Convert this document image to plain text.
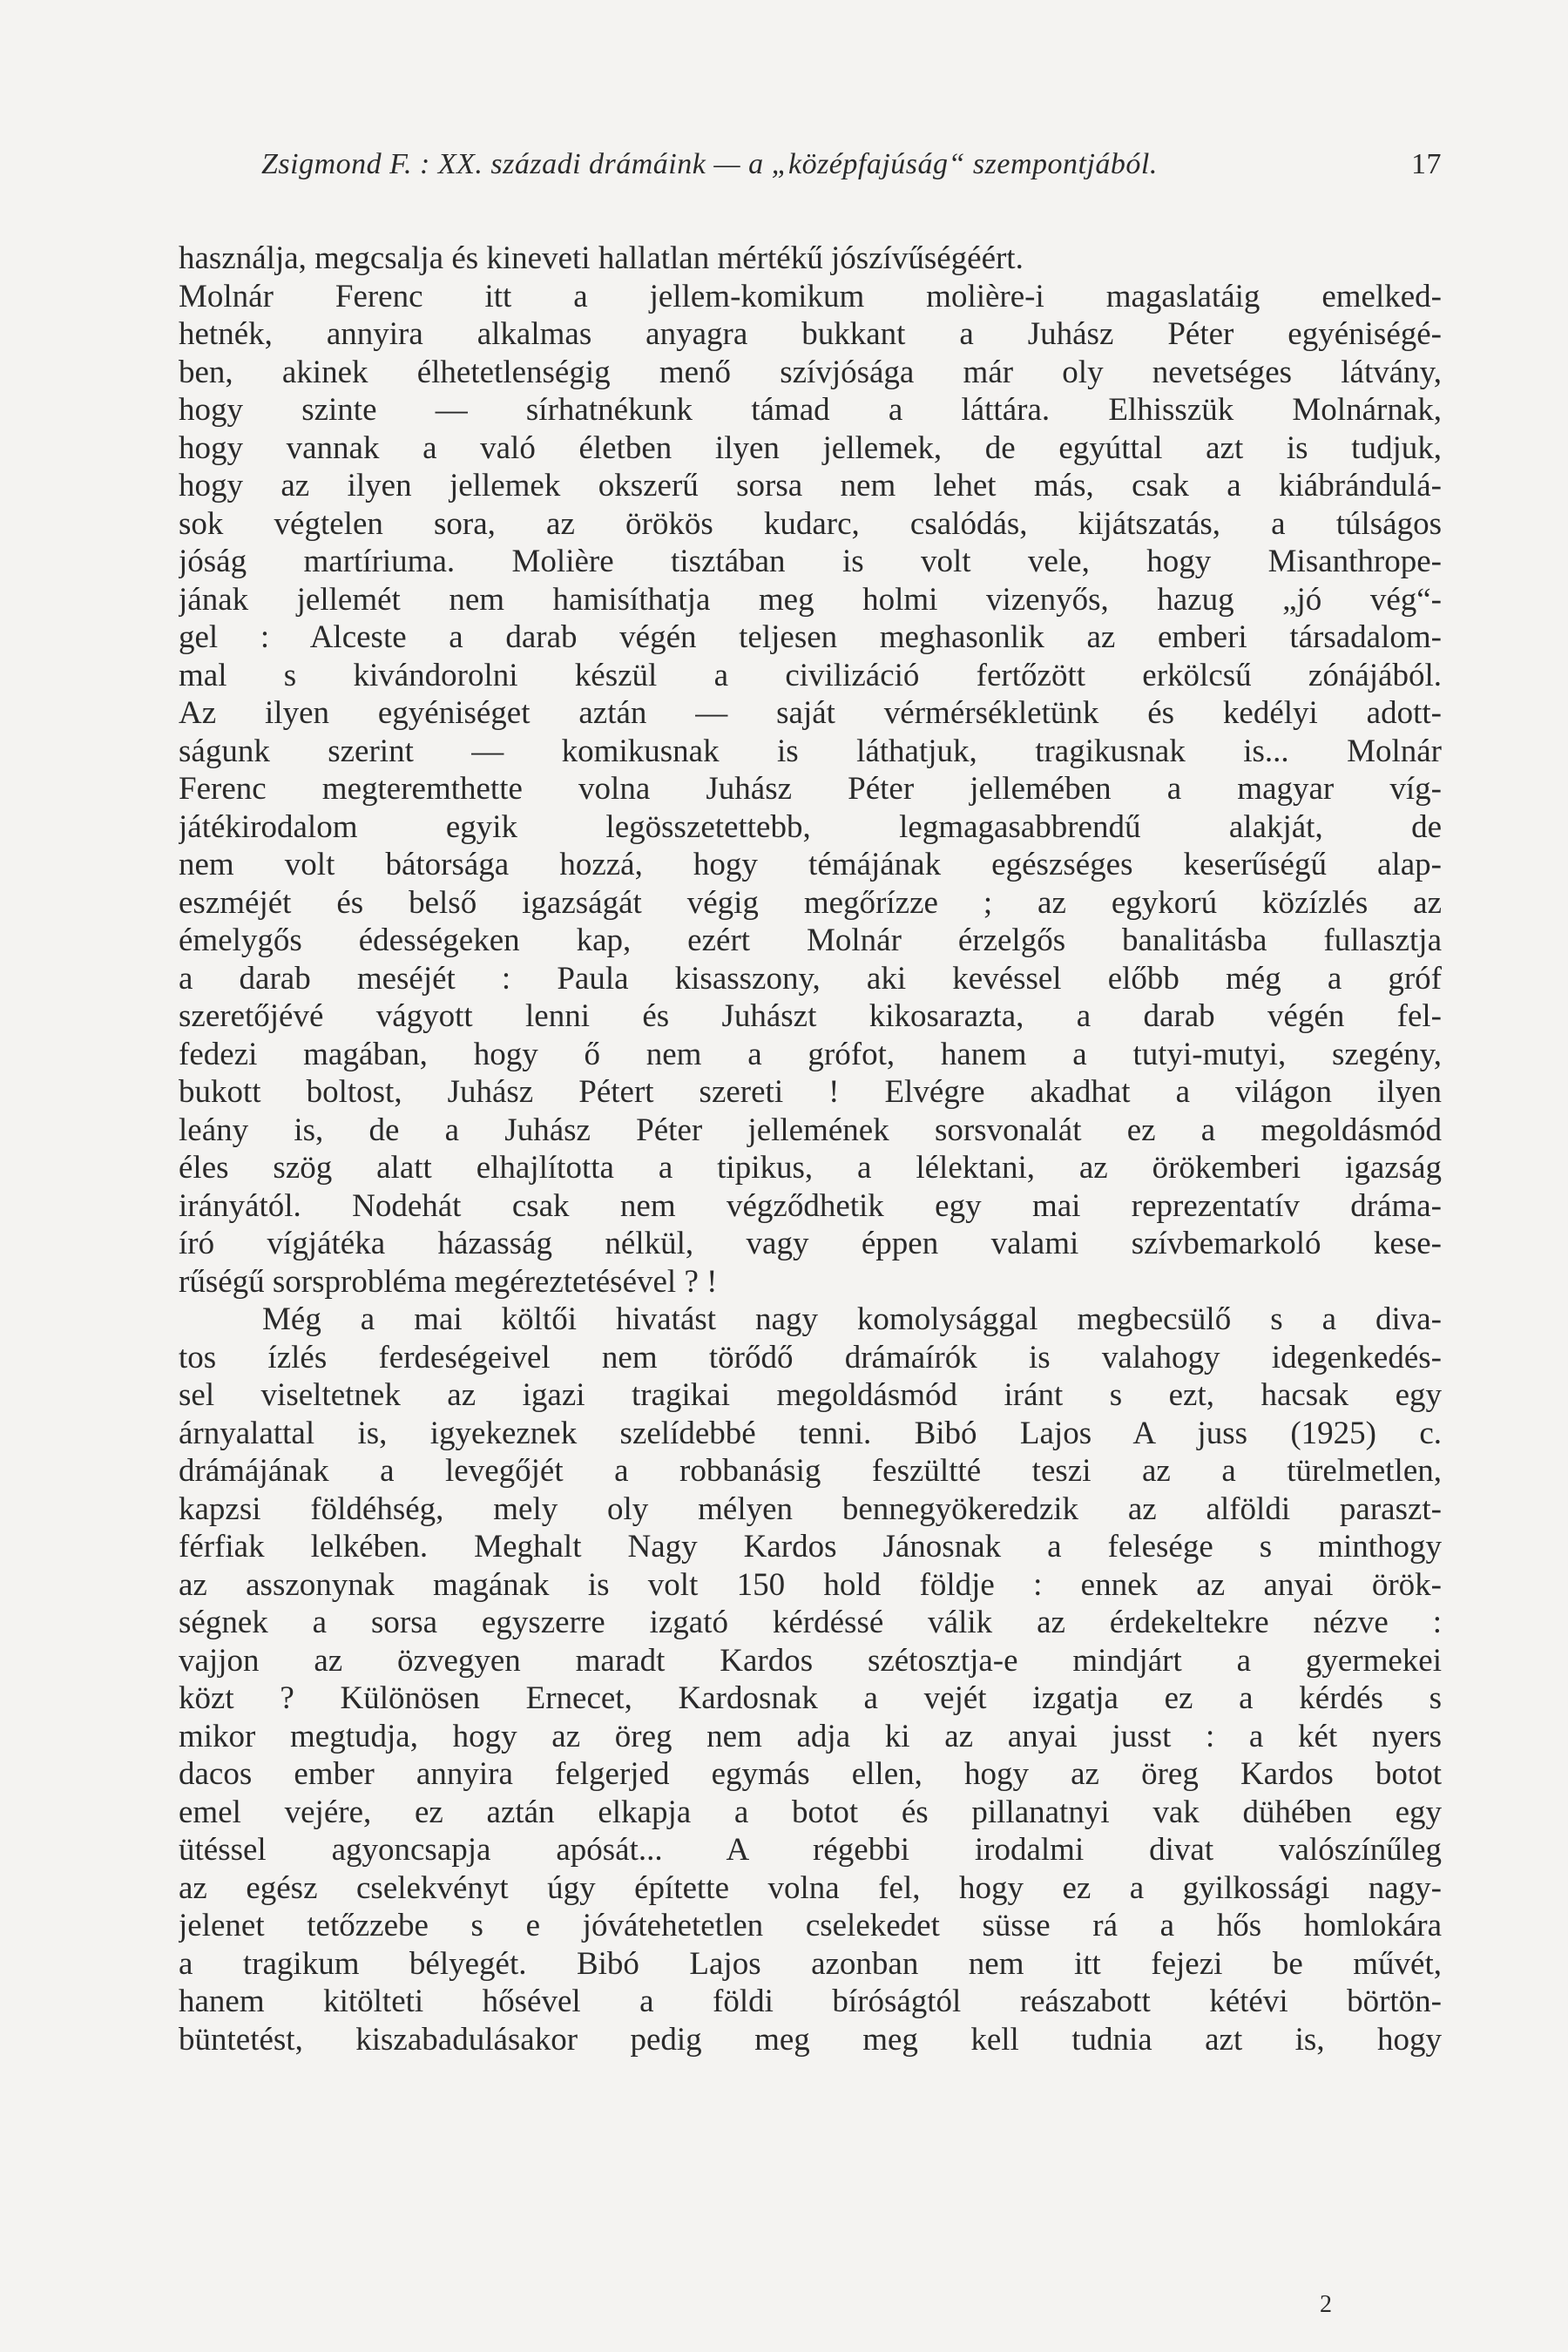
Zsigmond F. : XX. századi drámáink — a „középfajúság“ szempontjából.	17
használja, megcsalja és kineveti hallatlan mértékű jószívűségéért.
Molnár Ferenc itt a jellem-komikum molière-i magaslatáig emelked-
hetnék, annyira alkalmas anyagra bukkant a Juhász Péter egyéniségé-
ben, akinek élhetetlenségig menő szívjósága már oly nevetséges látvány,
hogy szinte — sírhatnékunk támad a láttára. Elhisszük Molnárnak,
hogy vannak a való életben ilyen jellemek, de egyúttal azt is tudjuk,
hogy az ilyen jellemek okszerű sorsa nem lehet más, csak a kiábrándulá-
sok végtelen sora, az örökös kudarc, csalódás, kijátszatás, a túlságos
jóság martíriuma. Molière tisztában is volt vele, hogy Misanthrope-
jának jellemét nem hamisíthatja meg holmi vizenyős, hazug „jó vég“-
gel : Alceste a darab végén teljesen meghasonlik az emberi társadalom-
mal s kivándorolni készül a civilizáció fertőzött erkölcsű zónájából.
Az ilyen egyéniséget aztán — saját vérmérsékletünk és kedélyi adott-
ságunk szerint — komikusnak is láthatjuk, tragikusnak is... Molnár
Ferenc megteremthette volna Juhász Péter jellemében a magyar víg-
játékirodalom egyik legösszetettebb, legmagasabbrendű alakját, de
nem volt bátorsága hozzá, hogy témájának egészséges keserűségű alap-
eszméjét és belső igazságát végig megőrízze ; az egykorú közízlés az
émelygős édességeken kap, ezért Molnár érzelgős banalitásba fullasztja
a darab meséjét : Paula kisasszony, aki kevéssel előbb még a gróf
szeretőjévé vágyott lenni és Juhászt kikosarazta, a darab végén fel-
fedezi magában, hogy ő nem a grófot, hanem a tutyi-mutyi, szegény,
bukott boltost, Juhász Pétert szereti ! Elvégre akadhat a világon ilyen
leány is, de a Juhász Péter jellemének sorsvonalát ez a megoldásmód
éles szög alatt elhajlította a tipikus, a lélektani, az örökemberi igazság
irányától. Nodehát csak nem végződhetik egy mai reprezentatív dráma-
író vígjátéka házasság nélkül, vagy éppen valami szívbemarkoló kese-
rűségű sorsprobléma megéreztetésével ? !
Még a mai költői hivatást nagy komolysággal megbecsülő s a divа-
tos ízlés ferdeségeivel nem törődő drámaírók is valahogy idegenkedés-
sel viseltetnek az igazi tragikai megoldásmód iránt s ezt, hacsak egy
árnyalattal is, igyekeznek szelídebbé tenni. Bibó Lajos A juss (1925) c.
drámájának a levegőjét a robbanásig feszültté teszi az a türelmetlen,
kapzsi földéhség, mely oly mélyen bennegyökeredzik az alföldi paraszt-
férfiak lelkében. Meghalt Nagy Kardos Jánosnak a felesége s minthogy
az asszonynak magának is volt 150 hold földje : ennek az anyai örök-
ségnek a sorsa egyszerre izgató kérdéssé válik az érdekeltekre nézve :
vajjon az özvegyen maradt Kardos szétosztja-e mindjárt a gyermekei
közt ? Különösen Ernecet, Kardosnak a vejét izgatja ez a kérdés s
mikor megtudja, hogy az öreg nem adja ki az anyai jusst : a két nyers
dacos ember annyira felgerjed egymás ellen, hogy az öreg Kardos botot
emel vejére, ez aztán elkapja a botot és pillanatnyi vak dühében egy
ütéssel agyoncsapja apósát... A régebbi irodalmi divat valószínűleg
az egész cselekvényt úgy építette volna fel, hogy ez a gyilkossági nagy-
jelenet tetőzzebe s e jóvátehetetlen cselekedet süsse rá a hős homlokára
a tragikum bélyegét. Bibó Lajos azonban nem itt fejezi be művét,
hanem kitölteti hősével a földi bíróságtól reászabott kétévi börtön-
büntetést, kiszabadulásakor pedig meg meg kell tudnia azt is, hogy
2
